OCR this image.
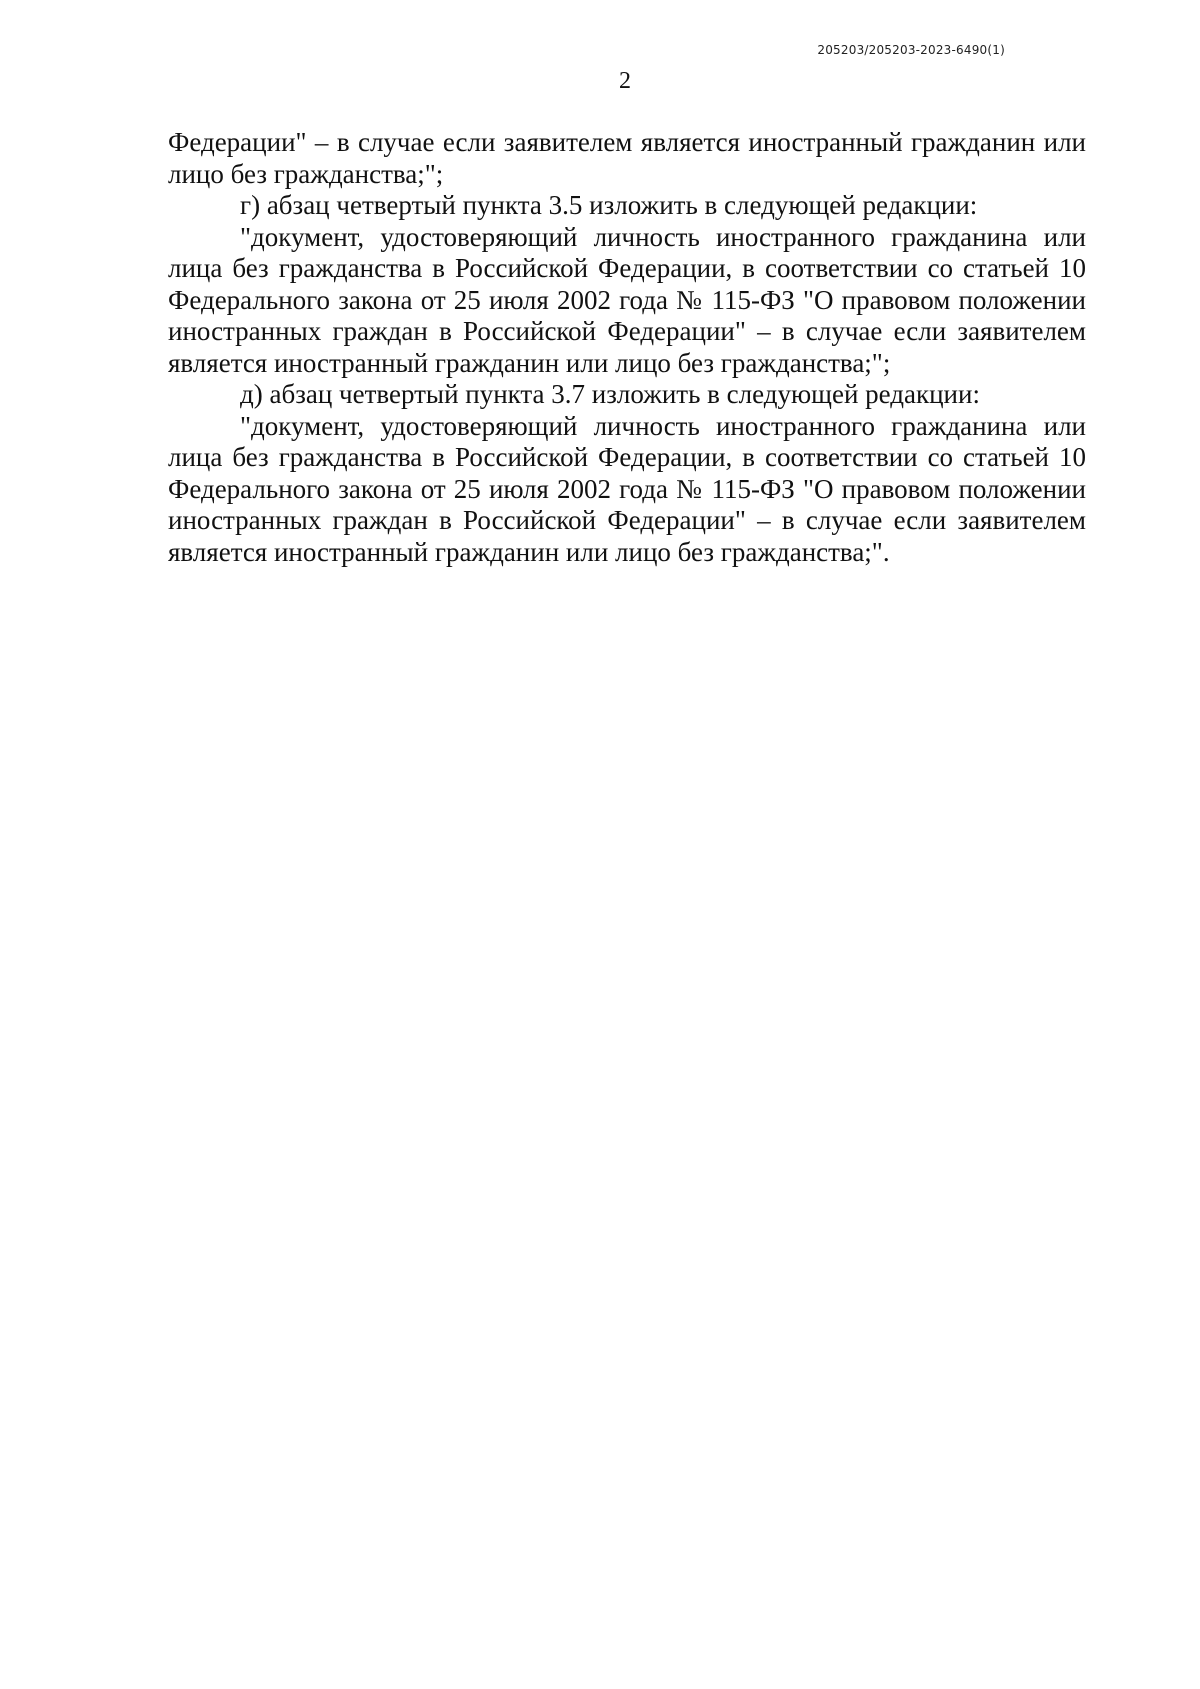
205203/205203-2023-6490(1)
2

Федерации" – в случае если заявителем является иностранный гражданин или лицо без гражданства;";

г) абзац четвертый пункта 3.5 изложить в следующей редакции:

"документ, удостоверяющий личность иностранного гражданина или лица без гражданства в Российской Федерации, в соответствии со статьей 10 Федерального закона от 25 июля 2002 года № 115-ФЗ "О правовом положении иностранных граждан в Российской Федерации" – в случае если заявителем является иностранный гражданин или лицо без гражданства;";

д) абзац четвертый пункта 3.7 изложить в следующей редакции:

"документ, удостоверяющий личность иностранного гражданина или лица без гражданства в Российской Федерации, в соответствии со статьей 10 Федерального закона от 25 июля 2002 года № 115-ФЗ "О правовом положении иностранных граждан в Российской Федерации" – в случае если заявителем является иностранный гражданин или лицо без гражданства;".
